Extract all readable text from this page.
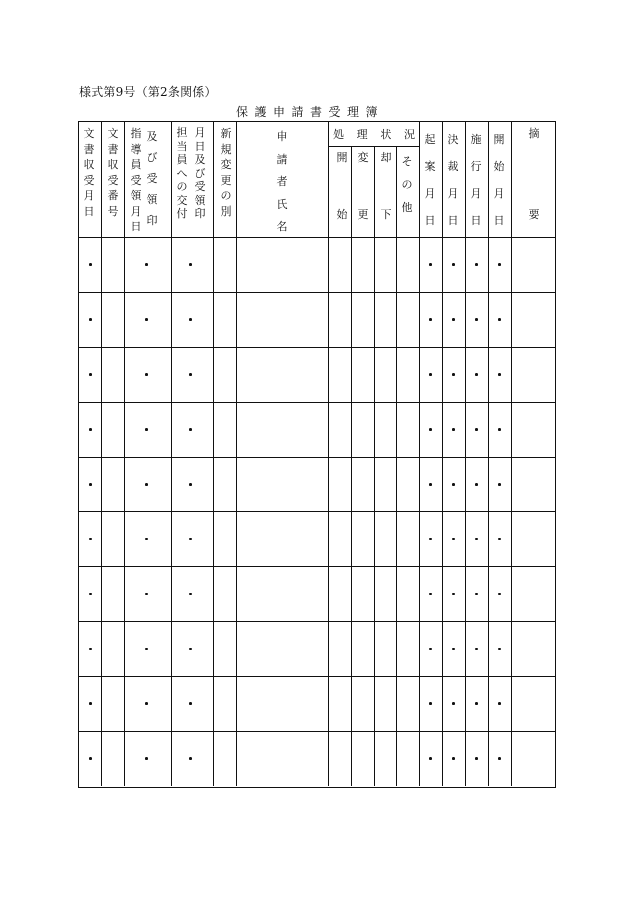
様式第9号（第2条関係）
保護申請書受理簿
文
書
収
受
月
日
文
書
収
受
番
号
指
導
員
受
領
月
日
及
び
受
領
印
担
当
員
へ
の
交
付
月
日
及
び
受
領
印
新
規
変
更
の
別
申
請
者
氏
名
処 理 状 況
開
始
変
更
却
下
そ
の
他
起
案
月
日
決
裁
月
日
施
行
月
日
開
始
月
日
摘
要
